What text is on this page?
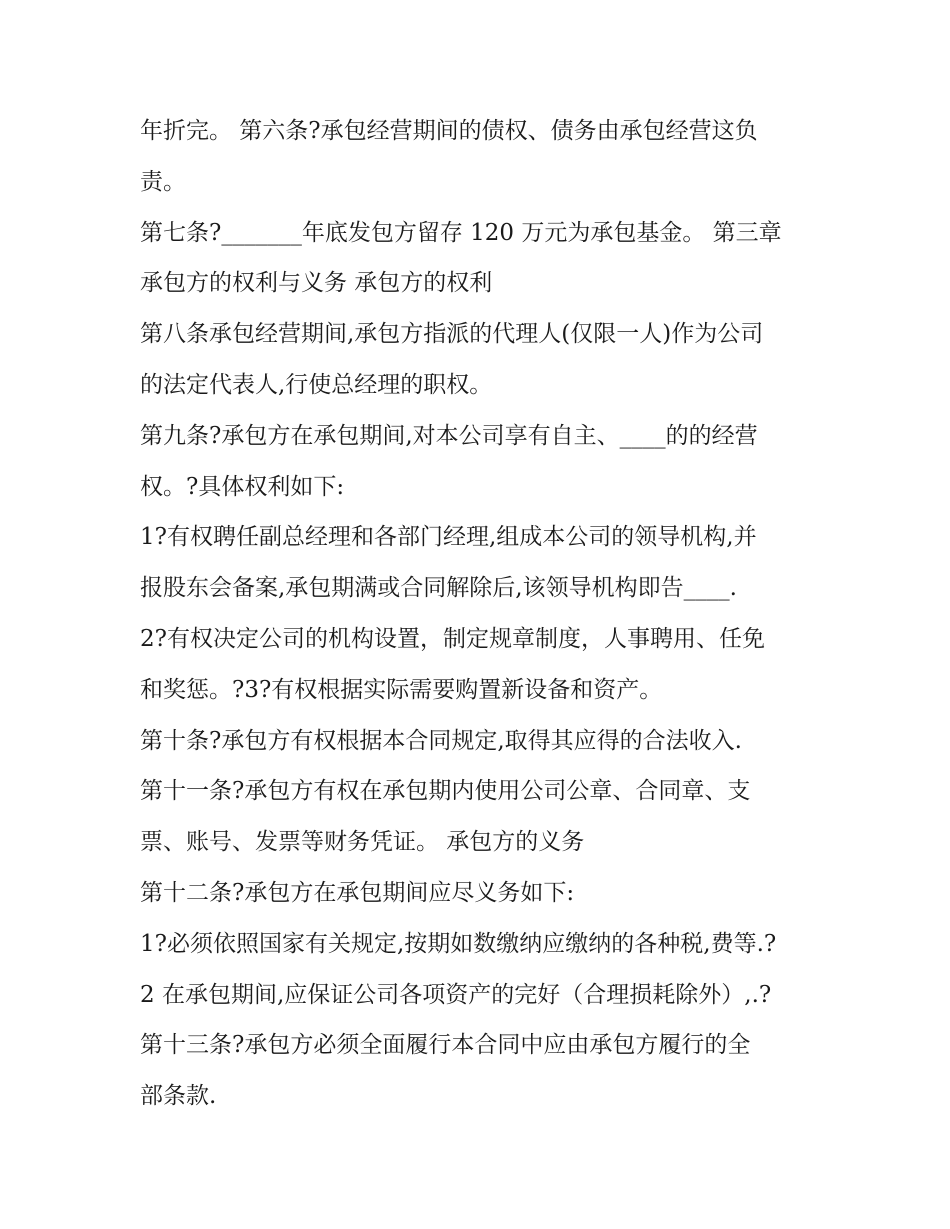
年折完。 第六条?承包经营期间的债权、债务由承包经营这负
责。
第七条?_______年底发包方留存 120 万元为承包基金。 第三章
承包方的权利与义务 承包方的权利
第八条承包经营期间,承包方指派的代理人(仅限一人)作为公司
的法定代表人,行使总经理的职权。
第九条?承包方在承包期间,对本公司享有自主、____的的经营
权。?具体权利如下:
1?有权聘任副总经理和各部门经理,组成本公司的领导机构,并
报股东会备案,承包期满或合同解除后,该领导机构即告____.
2?有权决定公司的机构设置，制定规章制度，人事聘用、任免
和奖惩。?3?有权根据实际需要购置新设备和资产。
第十条?承包方有权根据本合同规定,取得其应得的合法收入.
第十一条?承包方有权在承包期内使用公司公章、合同章、支
票、账号、发票等财务凭证。 承包方的义务
第十二条?承包方在承包期间应尽义务如下:
1?必须依照国家有关规定,按期如数缴纳应缴纳的各种税,费等.?
2 在承包期间,应保证公司各项资产的完好（合理损耗除外）,.?
第十三条?承包方必须全面履行本合同中应由承包方履行的全
部条款.
